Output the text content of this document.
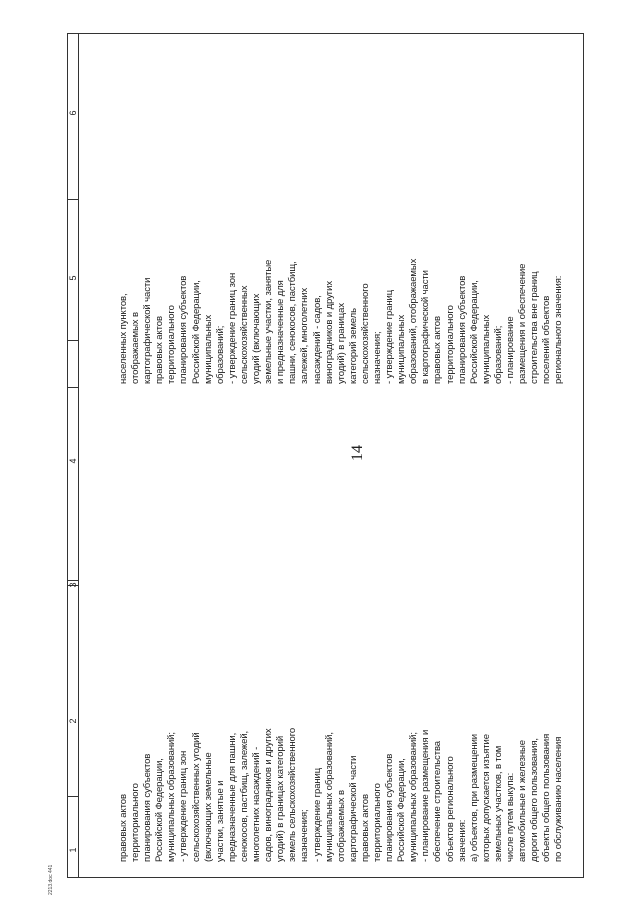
14
1
2
3
4
5
6
правовых актов территориального планирования субъектов Российской Федерации, муниципальных образований; - утверждение границ зон сельскохозяйственных угодий (включающих земельные участки, занятые и предназначенные для пашни, сенокосов, пастбищ, залежей, многолетних насаждений - садов, виноградников и других угодий) в границах категорий земель сельскохозяйственного назначения; - утверждение границ муниципальных образований, отображаемых в картографической части правовых актов территориального планирования субъектов Российской Федерации, муниципальных образований; - планирование размещения и обеспечение строительства объектов регионального значения: а) объектов, при размещении которых допускается изъятие земельных участков, в том числе путем выкупа: автомобильные и железные дороги общего пользования, объекты общего пользования по обслуживанию населения
населенных пунктов, отображаемых в картографической части правовых актов территориального планирования субъектов Российской Федерации, муниципальных образований; - утверждение границ зон сельскохозяйственных угодий (включающих земельные участки, занятые и предназначенные для пашни, сенокосов, пастбищ, залежей, многолетних насаждений - садов, виноградников и других угодий) в границах категорий земель сельскохозяйственного назначения; - утверждение границ муниципальных образований, отображаемых в картографической части правовых актов территориального планирования субъектов Российской Федерации, муниципальных образований; - планирование размещения и обеспечение строительства вне границ поселений объектов регионального значения:
2213.doc 441
